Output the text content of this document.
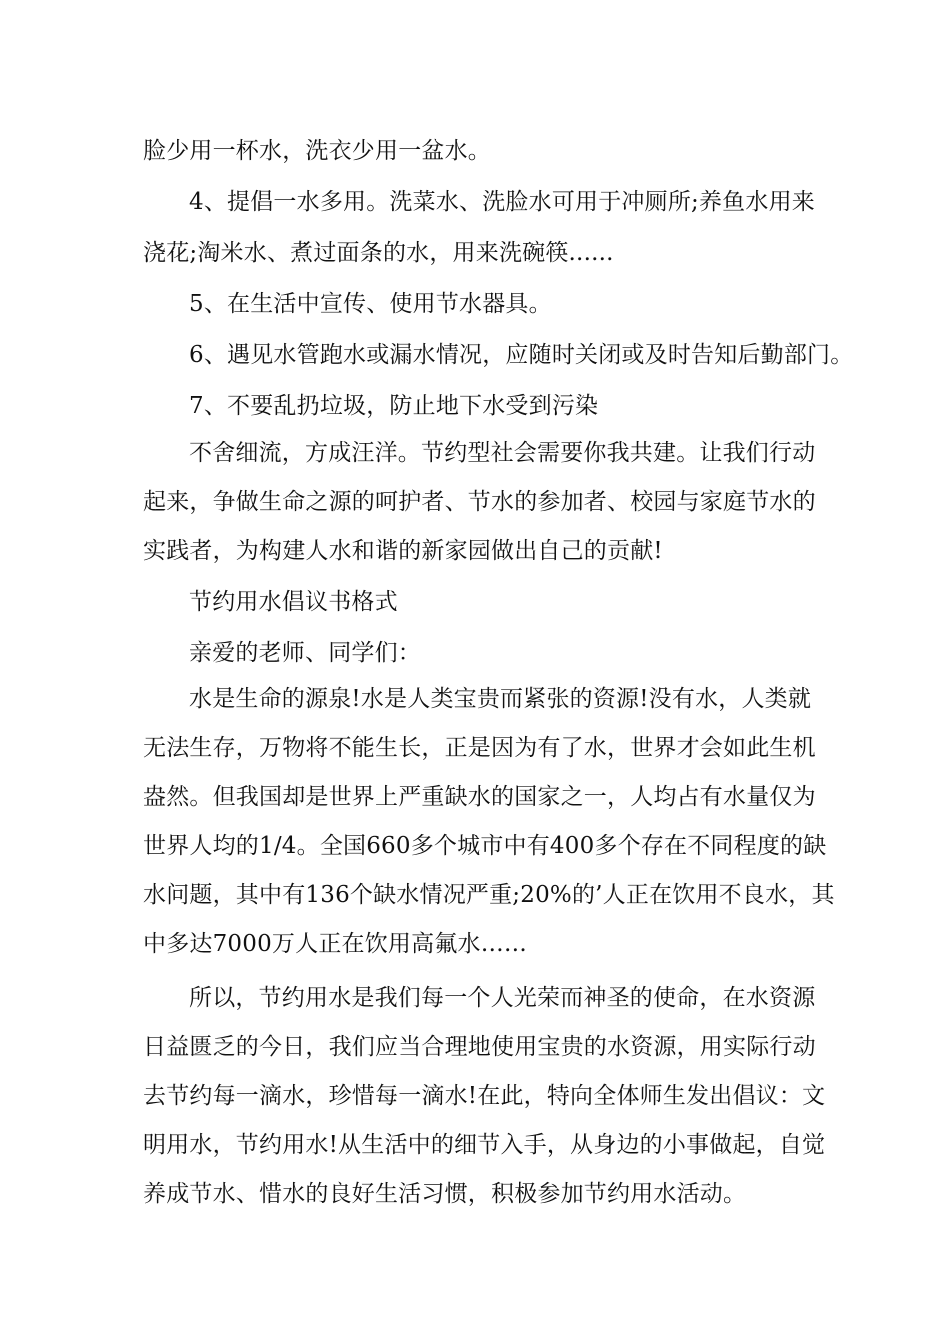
脸少用一杯水，洗衣少用一盆水。
4、提倡一水多用。洗菜水、洗脸水可用于冲厕所;养鱼水用来
浇花;淘米水、煮过面条的水，用来洗碗筷......
5、在生活中宣传、使用节水器具。
6、遇见水管跑水或漏水情况，应随时关闭或及时告知后勤部门。
7、不要乱扔垃圾，防止地下水受到污染
不舍细流，方成汪洋。节约型社会需要你我共建。让我们行动
起来，争做生命之源的呵护者、节水的参加者、校园与家庭节水的
实践者，为构建人水和谐的新家园做出自己的贡献!
节约用水倡议书格式
亲爱的老师、同学们：
水是生命的源泉!水是人类宝贵而紧张的资源!没有水，人类就
无法生存，万物将不能生长，正是因为有了水，世界才会如此生机
盎然。但我国却是世界上严重缺水的国家之一，人均占有水量仅为
世界人均的1/4。全国660多个城市中有400多个存在不同程度的缺
水问题，其中有136个缺水情况严重;20%的’人正在饮用不良水，其
中多达7000万人正在饮用高氟水……
所以，节约用水是我们每一个人光荣而神圣的使命，在水资源
日益匮乏的今日，我们应当合理地使用宝贵的水资源，用实际行动
去节约每一滴水，珍惜每一滴水!在此，特向全体师生发出倡议：文
明用水，节约用水!从生活中的细节入手，从身边的小事做起，自觉
养成节水、惜水的良好生活习惯，积极参加节约用水活动。
